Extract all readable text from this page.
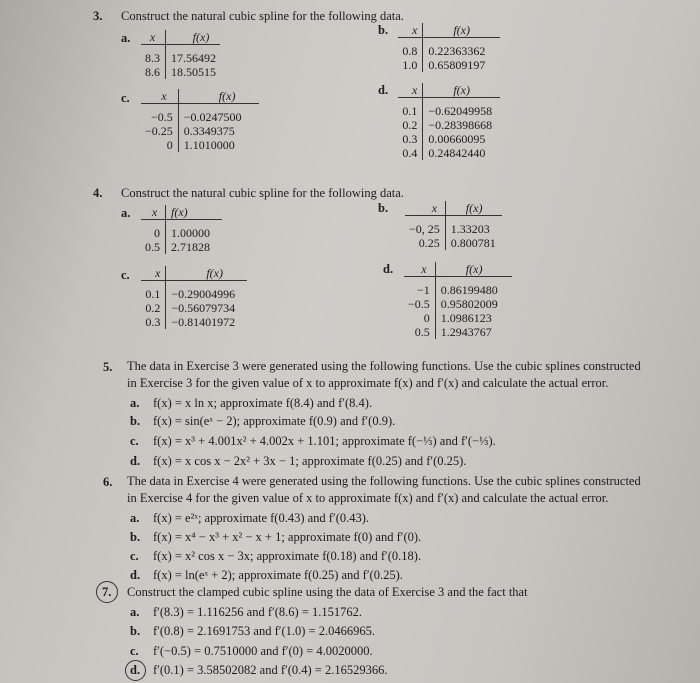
3. Construct the natural cubic spline for the following data.
a. x	f(x)
8.3	17.56492
8.6	18.50515
b. x	f(x)
0.8	0.22363362
1.0	0.65809197
c.	x	f(x)
−0.5	−0.0247500
−0.25	0.3349375
0	1.1010000
d. x	f(x)
0.1	−0.62049958
0.2	−0.28398668
0.3	0.00660095
0.4	0.24842440
4. Construct the natural cubic spline for the following data.
a. x	f(x)
0	1.00000
0.5	2.71828
b.	x	f(x)
−0, 25	1.33203
0.25	0.800781
c. x	f(x)
0.1	−0.29004996
0.2	−0.56079734
0.3	−0.81401972
d. x	f(x)
−1	0.86199480
−0.5	0.95802009
0	1.0986123
0.5	1.2943767
5. The data in Exercise 3 were generated using the following functions. Use the cubic splines constructed
in Exercise 3 for the given value of x to approximate f(x) and f′(x) and calculate the actual error.
a. f(x) = x ln x; approximate f(8.4) and f′(8.4).
b. f(x) = sin(eˣ − 2); approximate f(0.9) and f′(0.9).
c. f(x) = x³ + 4.001x² + 4.002x + 1.101; approximate f(−⅓) and f′(−⅓).
d. f(x) = x cos x − 2x² + 3x − 1; approximate f(0.25) and f′(0.25).
6. The data in Exercise 4 were generated using the following functions. Use the cubic splines constructed
in Exercise 4 for the given value of x to approximate f(x) and f′(x) and calculate the actual error.
a. f(x) = e²ˣ; approximate f(0.43) and f′(0.43).
b. f(x) = x⁴ − x³ + x² − x + 1; approximate f(0) and f′(0).
c. f(x) = x² cos x − 3x; approximate f(0.18) and f′(0.18).
d. f(x) = ln(eˣ + 2); approximate f(0.25) and f′(0.25).
7. Construct the clamped cubic spline using the data of Exercise 3 and the fact that
a. f′(8.3) = 1.116256 and f′(8.6) = 1.151762.
b. f′(0.8) = 2.1691753 and f′(1.0) = 2.0466965.
c. f′(−0.5) = 0.7510000 and f′(0) = 4.0020000.
d. f′(0.1) = 3.58502082 and f′(0.4) = 2.16529366.
